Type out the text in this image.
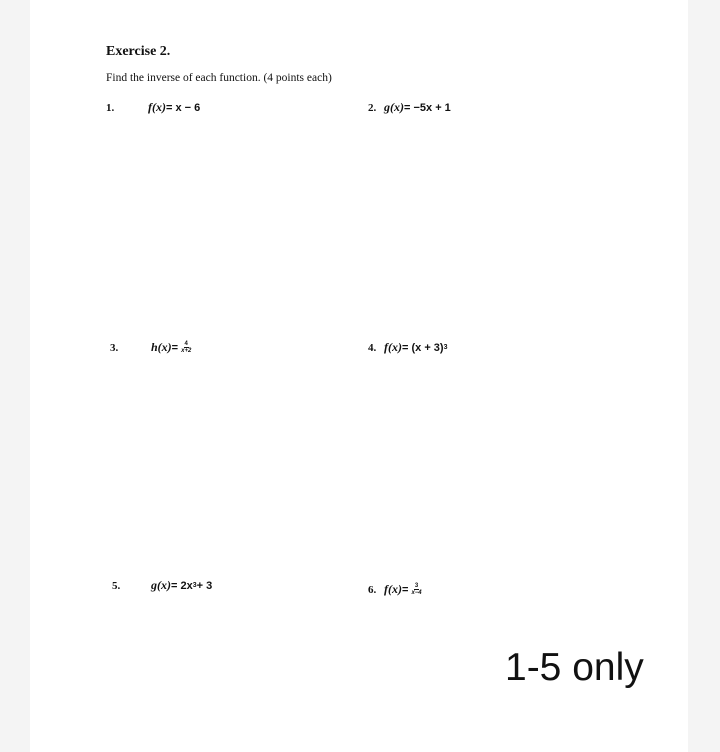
Exercise 2.
Find the inverse of each function. (4 points each)
1.	f(x) = x − 6	2. g(x) = −5x + 1
3.	$h(x) = \frac{4}{x+2}$	4. f(x) = (x + 3) 3
5.	g(x) = 2x 3 + 3	6. $f(x) = \frac{3}{x-4}$
1-5 only
